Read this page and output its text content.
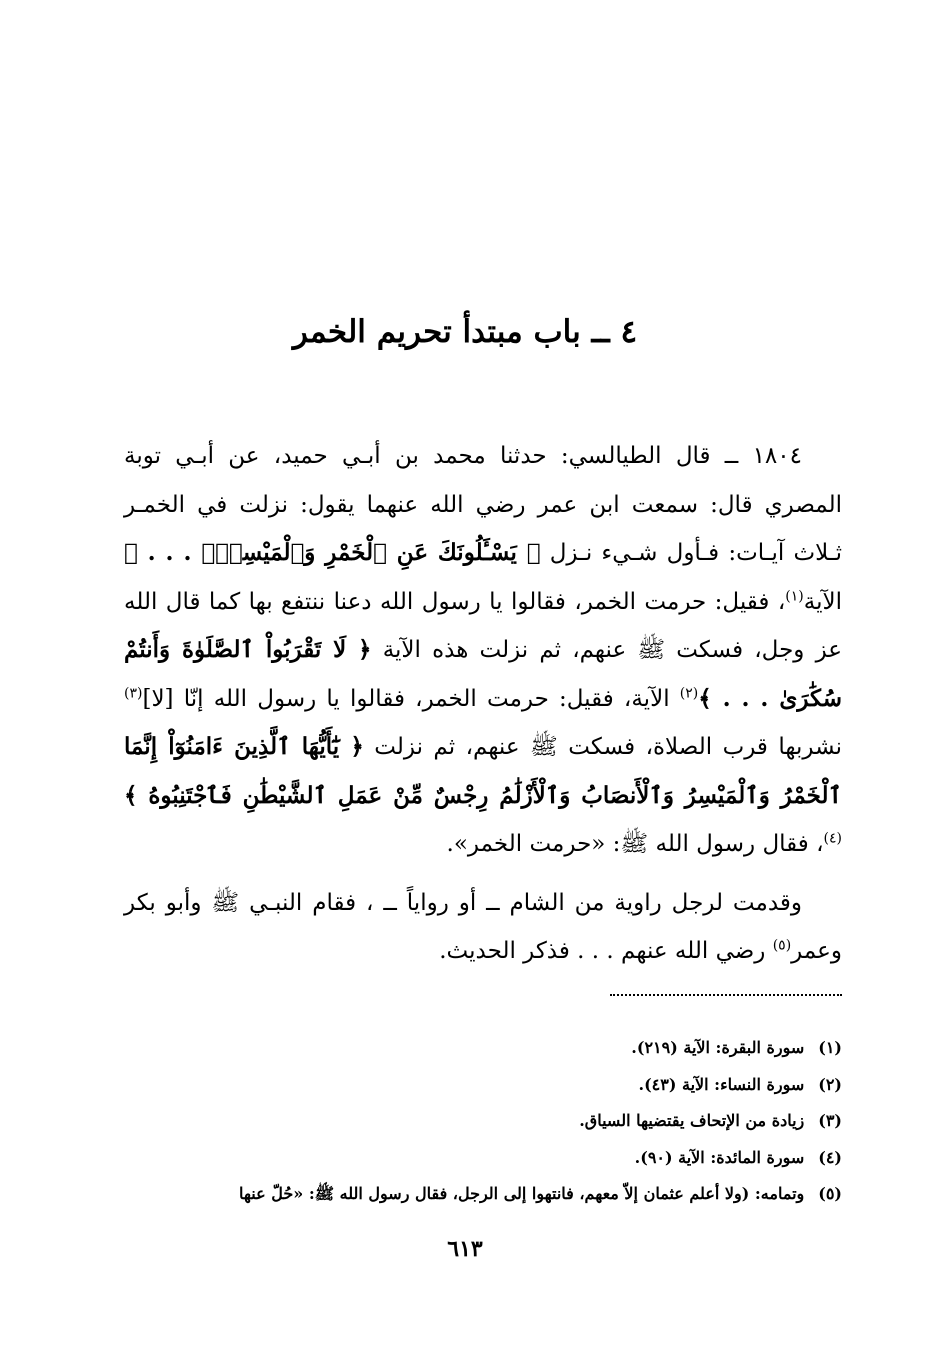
٤ ــ باب مبتدأ تحريم الخمر

١٨٠٤ ــ قال الطيالسي: حدثنا محمد بن أبـي حميد، عن أبـي توبة المصري قال: سمعت ابن عمر رضي الله عنهما يقول: نزلت في الخمـر ثـلاث آيـات: فـأول شـيء نـزل ﴿ يَسْـَٔلُونَكَ عَنِ ٱلْخَمْرِ وَٱلْمَيْسِرِۖ . . . ﴾ الآية$^{(١)}$، فقيل: حرمت الخمر، فقالوا يا رسول الله دعنا ننتفع بها كما قال الله عز وجل، فسكت ﷺ عنهم، ثم نزلت هذه الآية ﴿ لَا تَقْرَبُواْ ٱلصَّلَوٰةَ وَأَنتُمْ سُكَٰرَىٰ . . . ﴾$^{(٢)}$ الآية، فقيل: حرمت الخمر، فقالوا يا رسول الله إنّا [لا]$^{(٣)}$ نشربها قرب الصلاة، فسكت ﷺ عنهم، ثم نزلت ﴿ يَٰٓأَيُّهَا ٱلَّذِينَ ءَامَنُوٓاْ إِنَّمَا ٱلْخَمْرُ وَٱلْمَيْسِرُ وَٱلْأَنصَابُ وَٱلْأَزْلَٰمُ رِجْسٌ مِّنْ عَمَلِ ٱلشَّيْطَٰنِ فَٱجْتَنِبُوهُ ﴾$^{(٤)}$، فقال رسول الله ﷺ: «حرمت الخمر».

وقدمت لرجل راوية من الشام ــ أو رواياً ــ ، فقام النبـي ﷺ وأبو بكر وعمر$^{(٥)}$ رضي الله عنهم . . . فذكر الحديث.

(١)سورة البقرة: الآية (٢١٩).

(٢)سورة النساء: الآية (٤٣).

(٣)زيادة من الإتحاف يقتضيها السياق.

(٤)سورة المائدة: الآية (٩٠).

(٥)وتمامه: (ولا أعلم عثمان إلاّ معهم، فانتهوا إلى الرجل، فقال رسول الله ﷺ: «حُلّ عنها

٦١٣
